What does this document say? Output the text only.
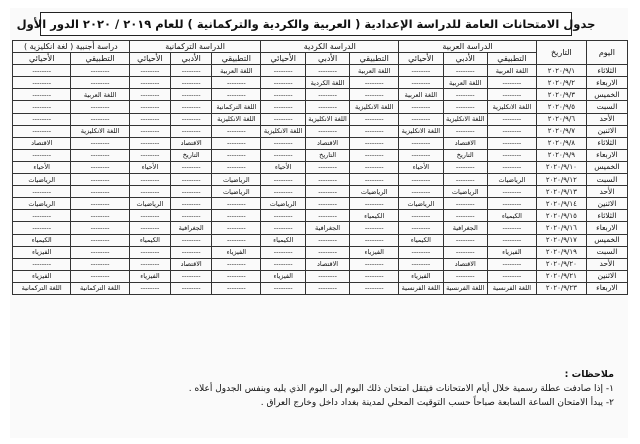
جدول الامتحانات العامة للدراسة الإعدادية ( العربية والكردية والتركمانية ) للعام ٢٠١٩ / ٢٠٢٠ الدور الأول
اليوم	التاريخ	الدراسة العربية			الدراسة الكردية			الدراسة التركمانية			دراسة أجنبية ( لغة انكليزية )	
		التطبيقي	الأدبي	الأحيائي	التطبيقي	الأدبي	الأحيائي	التطبيقي	الأدبي	الأحيائي	التطبيقي	الأحيائي
الثلاثاء	٢٠٢٠/٩/١	اللغة العربية	--------	--------	اللغة العربية	--------	--------	اللغة العربية	--------	--------	--------	--------
الاربعاء	٢٠٢٠/٩/٢	--------	اللغة العربية	--------	--------	اللغة الكردية	--------	--------	--------	--------	--------	--------
الخميس	٢٠٢٠/٩/٣	--------	--------	اللغة العربية	--------	--------	--------	--------	--------	--------	اللغة العربية	--------
السبت	٢٠٢٠/٩/٥	اللغة الانكليزية	--------	--------	اللغة الانكليزية	--------	--------	اللغة التركمانية	--------	--------	--------	--------
الأحد	٢٠٢٠/٩/٦	--------	اللغة الانكليزية	--------	--------	اللغة الانكليزية	--------	اللغة الانكليزية	--------	--------	--------	--------
الاثنين	٢٠٢٠/٩/٧	--------	--------	اللغة الانكليزية	--------	--------	اللغة الانكليزية	--------	--------	--------	اللغة الانكليزية	--------
الثلاثاء	٢٠٢٠/٩/٨	--------	الاقتصاد	--------	--------	الاقتصاد	--------	--------	الاقتصاد	--------	--------	الاقتصاد
الاربعاء	٢٠٢٠/٩/٩	--------	التاريخ	--------	--------	التاريخ	--------	--------	التاريخ	--------	--------	--------
الخميس	٢٠٢٠/٩/١٠	--------	--------	الأحياء	--------	--------	الأحياء	--------	--------	الأحياء	--------	الأحياء
السبت	٢٠٢٠/٩/١٢	الرياضيات	--------	--------	--------	--------	--------	الرياضيات	--------	--------	--------	الرياضيات
الأحد	٢٠٢٠/٩/١٣	--------	الرياضيات	--------	الرياضيات	--------	--------	الرياضيات	--------	--------	--------	--------
الاثنين	٢٠٢٠/٩/١٤	--------	--------	الرياضيات	--------	--------	الرياضيات	--------	--------	الرياضيات	--------	الرياضيات
الثلاثاء	٢٠٢٠/٩/١٥	الكيمياء	--------	--------	الكيمياء	--------	--------	--------	--------	--------	--------	--------
الاربعاء	٢٠٢٠/٩/١٦	--------	الجغرافية	--------	--------	الجغرافية	--------	--------	الجغرافية	--------	--------	--------
الخميس	٢٠٢٠/٩/١٧	--------	--------	الكيمياء	--------	--------	الكيمياء	--------	--------	الكيمياء	--------	الكيمياء
السبت	٢٠٢٠/٩/١٩	الفيزياء	--------	--------	الفيزياء	--------	--------	الفيزياء	--------	--------	--------	الفيزياء
الأحد	٢٠٢٠/٩/٢٠	--------	الاقتصاد	--------	--------	الاقتصاد	--------	--------	الاقتصاد	--------	--------	--------
الاثنين	٢٠٢٠/٩/٢١	--------	--------	الفيزياء	--------	--------	الفيزياء	--------	--------	الفيزياء	--------	الفيزياء
الاربعاء	٢٠٢٠/٩/٢٣	اللغة الفرنسية	اللغة الفرنسية	اللغة الفرنسية	--------	--------	--------	--------	--------	--------	اللغة التركمانية	اللغة التركمانية
ملاحظات :
١- إذا صادفت عطلة رسمية خلال أيام الامتحانات فيتقل امتحان ذلك اليوم إلى اليوم الذي يليه وبنفس الجدول أعلاه .
٢- يبدأ الامتحان الساعة السابعة صباحاً حسب التوقيت المحلي لمدينة بغداد داخل وخارج العراق .
